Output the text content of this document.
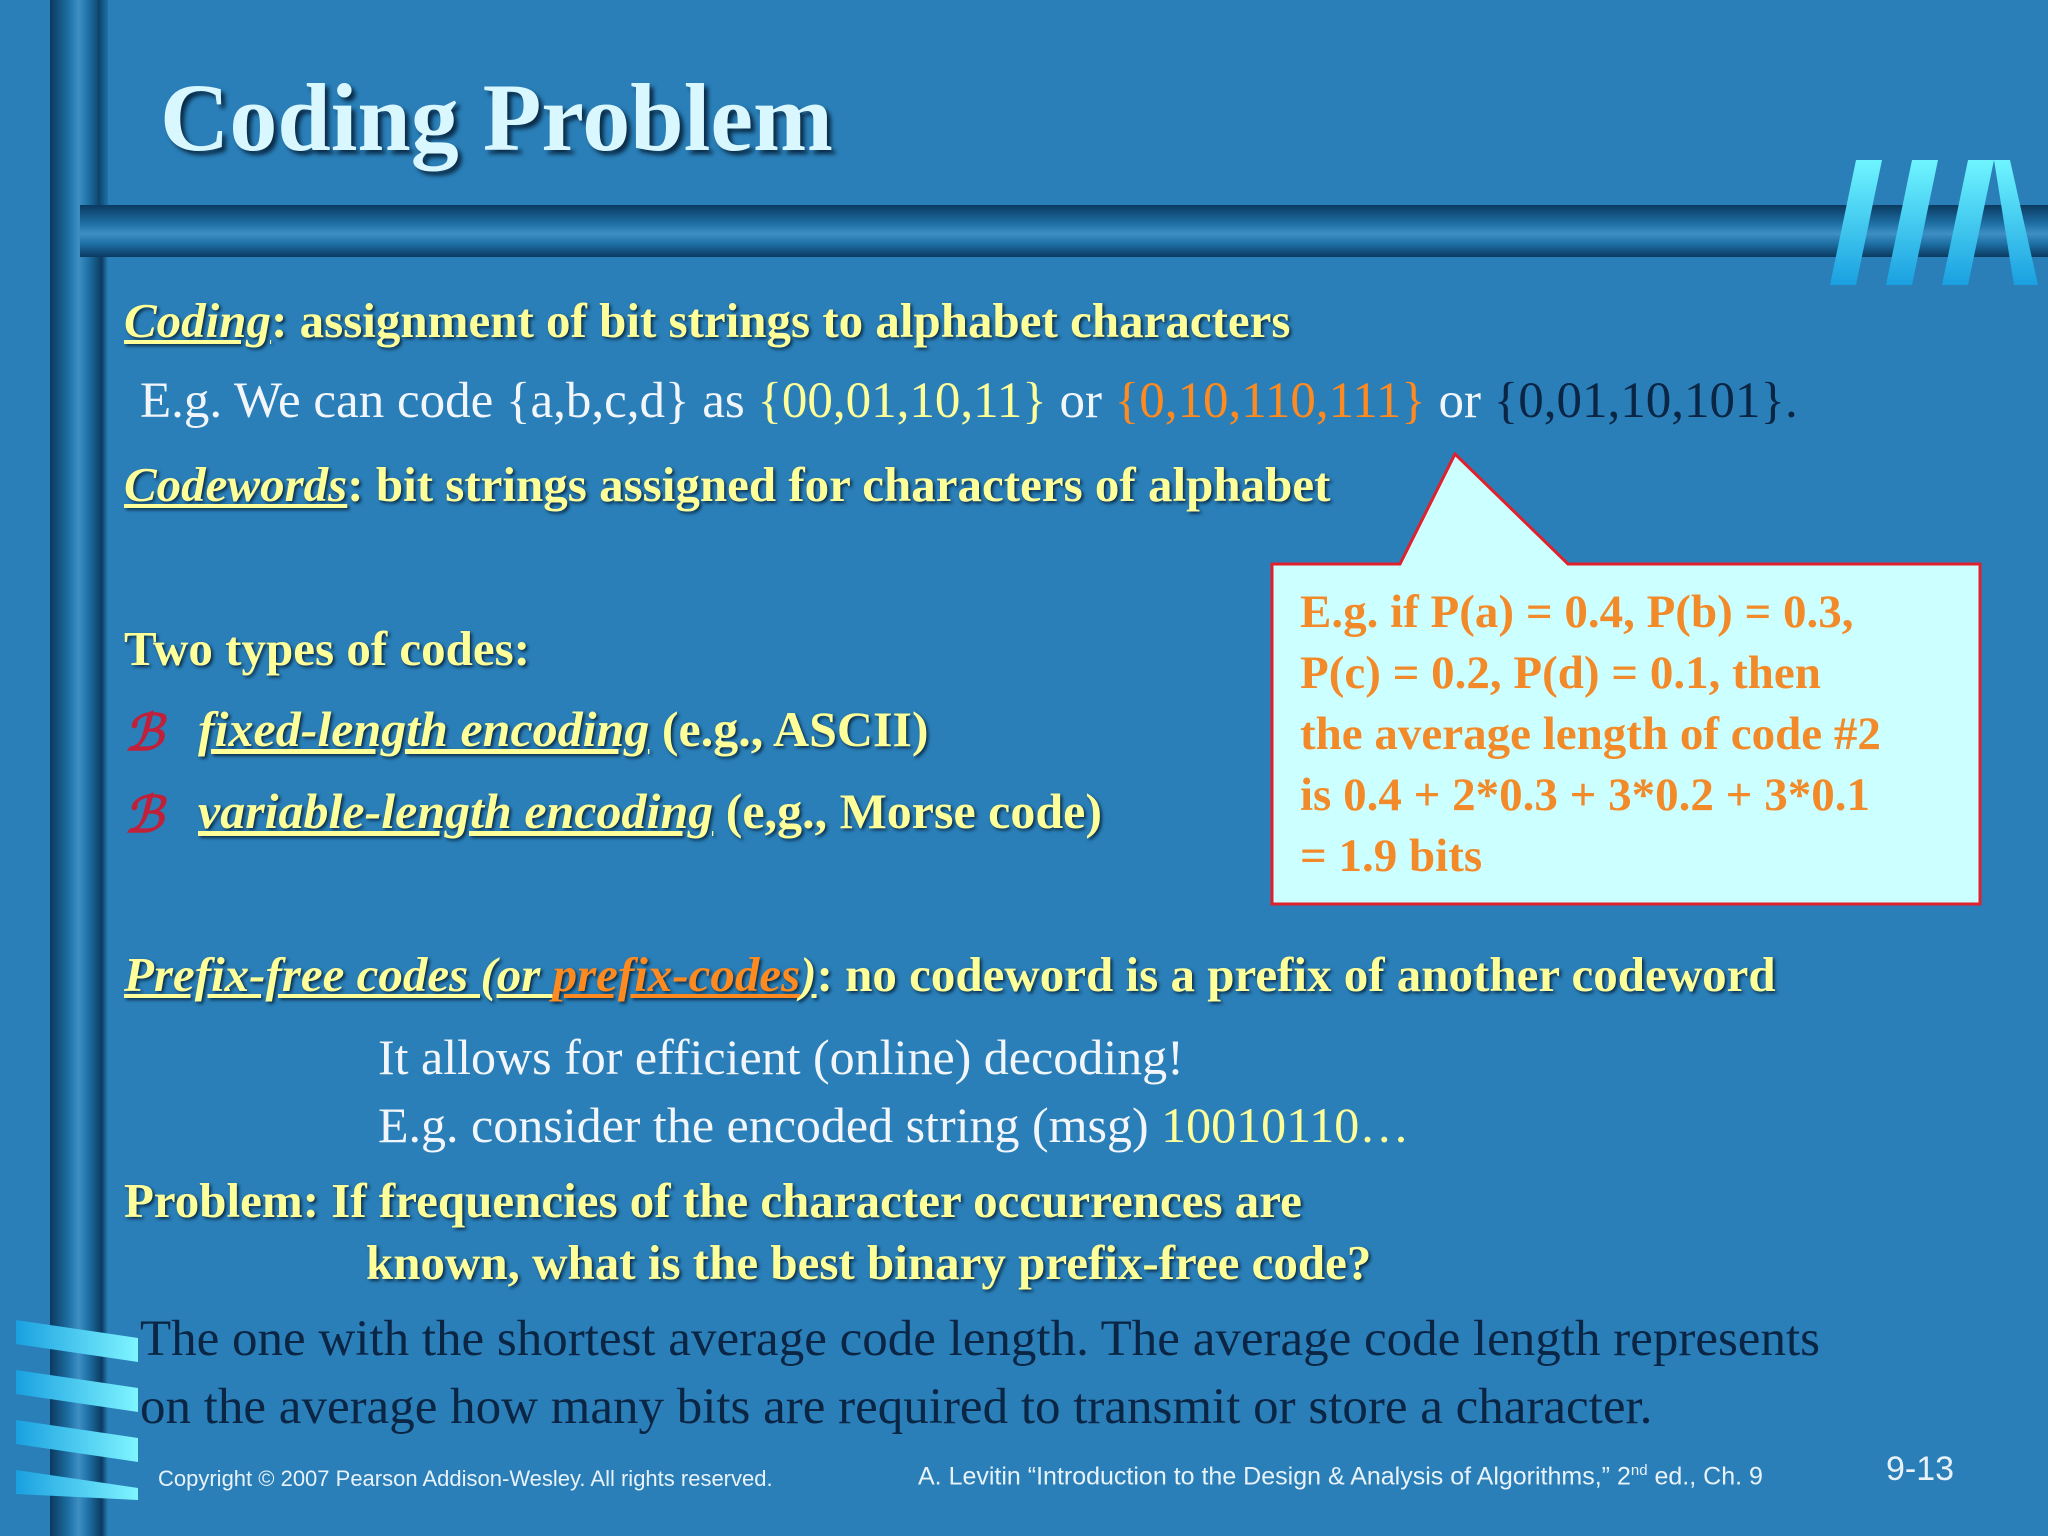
Coding Problem
Coding: assignment of bit strings to alphabet characters
E.g. We can code {a,b,c,d} as {00,01,10,11} or {0,10,110,111} or {0,01,10,101}.
Codewords: bit strings assigned for characters of alphabet
E.g. if P(a) = 0.4, P(b) = 0.3,
P(c) = 0.2, P(d) = 0.1, then
the average length of code #2
is 0.4 + 2*0.3 + 3*0.2 + 3*0.1
= 1.9 bits
Two types of codes:
ℬ fixed-length encoding (e.g., ASCII)
ℬ variable-length encoding (e,g., Morse code)
Prefix-free codes (or prefix-codes): no codeword is a prefix of another codeword
It allows for efficient (online) decoding!
E.g. consider the encoded string (msg) 10010110…
Problem: If frequencies of the character occurrences are
known, what is the best binary prefix-free code?
The one with the shortest average code length. The average code length represents
on the average how many bits are required to transmit or store a character.
Copyright © 2007 Pearson Addison-Wesley. All rights reserved.	A. Levitin “Introduction to the Design & Analysis of Algorithms,” 2nd ed., Ch. 9	9-13
